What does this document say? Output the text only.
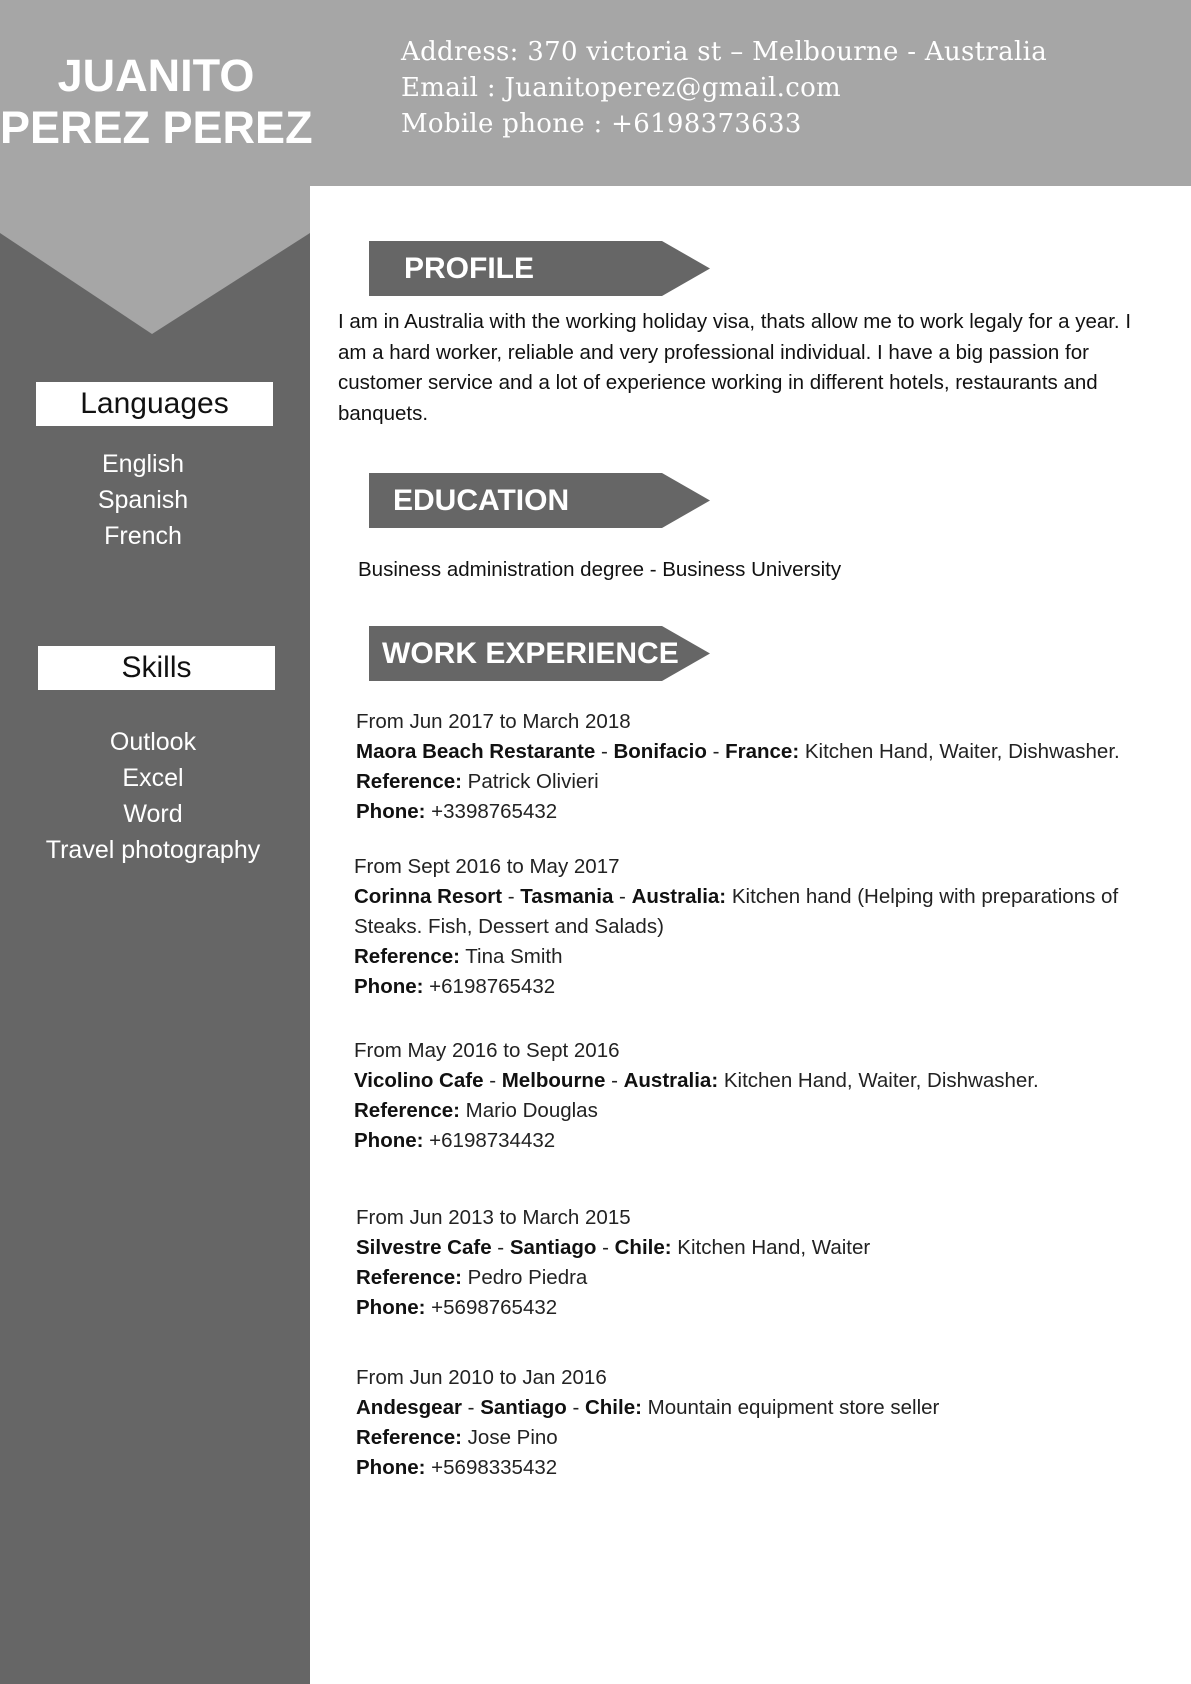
JUANITO
PEREZ PEREZ
Address: 370 victoria st – Melbourne - Australia
Email : Juanitoperez@gmail.com
Mobile phone : +6198373633
Languages
English
Spanish
French
Skills
Outlook
Excel
Word
Travel photography
PROFILE
I am in Australia with the working holiday visa, thats allow me to work legaly for a year. I am a hard worker, reliable and very professional individual. I have a big passion for customer service and a lot of experience working in different hotels, restaurants and banquets.
EDUCATION
Business administration degree - Business University
WORK EXPERIENCE
From Jun 2017 to March 2018
Maora Beach Restarante - Bonifacio - France: Kitchen Hand, Waiter, Dishwasher.
Reference: Patrick Olivieri
Phone: +3398765432
From Sept 2016 to May 2017
Corinna Resort - Tasmania - Australia: Kitchen hand (Helping with preparations of Steaks. Fish, Dessert and Salads)
Reference: Tina Smith
Phone: +6198765432
From May 2016 to Sept 2016
Vicolino Cafe - Melbourne - Australia: Kitchen Hand, Waiter, Dishwasher.
Reference: Mario Douglas
Phone: +6198734432
From Jun 2013 to March 2015
Silvestre Cafe - Santiago - Chile: Kitchen Hand, Waiter
Reference: Pedro Piedra
Phone: +5698765432
From Jun 2010 to Jan 2016
Andesgear - Santiago - Chile: Mountain equipment store seller
Reference: Jose Pino
Phone: +5698335432
